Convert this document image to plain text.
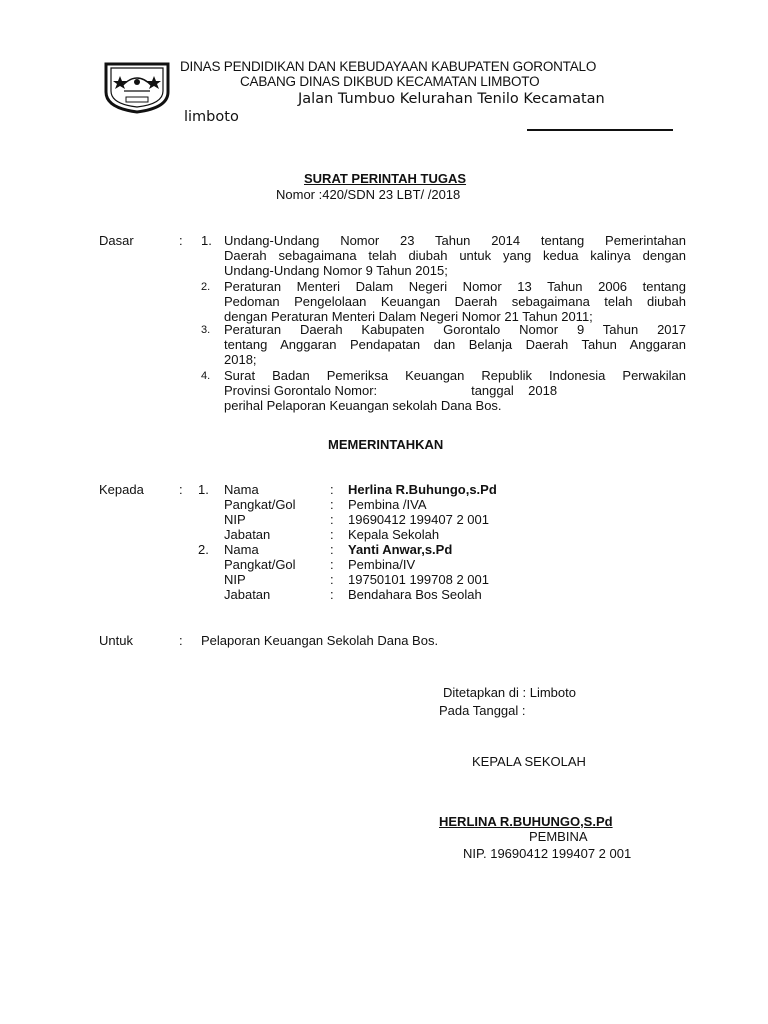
DINAS PENDIDIKAN DAN KEBUDAYAAN KABUPATEN GORONTALO
CABANG DINAS DIKBUD KECAMATAN LIMBOTO
Jalan Tumbuo Kelurahan Tenilo Kecamatan
limboto
SURAT PERINTAH TUGAS
Nomor :420/SDN 23 LBT/ /2018
Dasar	: 1. Undang-Undang Nomor 23 Tahun 2014 tentang Pemerintahan
Daerah sebagaimana telah diubah untuk yang kedua kalinya dengan
Undang-Undang Nomor 9 Tahun 2015;
2. Peraturan Menteri Dalam Negeri Nomor 13 Tahun 2006 tentang
Pedoman Pengelolaan Keuangan Daerah sebagaimana telah diubah
dengan Peraturan Menteri Dalam Negeri Nomor 21 Tahun 2011;
3. Peraturan Daerah Kabupaten Gorontalo Nomor 9 Tahun 2017
tentang Anggaran Pendapatan dan Belanja Daerah Tahun Anggaran
2018;
4. Surat Badan Pemeriksa Keuangan Republik Indonesia Perwakilan
Provinsi Gorontalo Nomor:                          tanggal    2018
perihal Pelaporan Keuangan sekolah Dana Bos.
MEMERINTAHKAN
Kepada	: 1. Nama	: Herlina R.Buhungo,s.Pd
Pangkat/Gol	: Pembina /IVA
NIP	: 19690412 199407 2 001
Jabatan	: Kepala Sekolah
2. Nama	: Yanti Anwar,s.Pd
Pangkat/Gol	: Pembina/IV
NIP	: 19750101 199708 2 001
Jabatan	: Bendahara Bos Seolah
Untuk	: Pelaporan Keuangan Sekolah Dana Bos.
Ditetapkan di : Limboto
Pada Tanggal :
KEPALA SEKOLAH
HERLINA R.BUHUNGO,S.Pd
PEMBINA
NIP. 19690412 199407 2 001
